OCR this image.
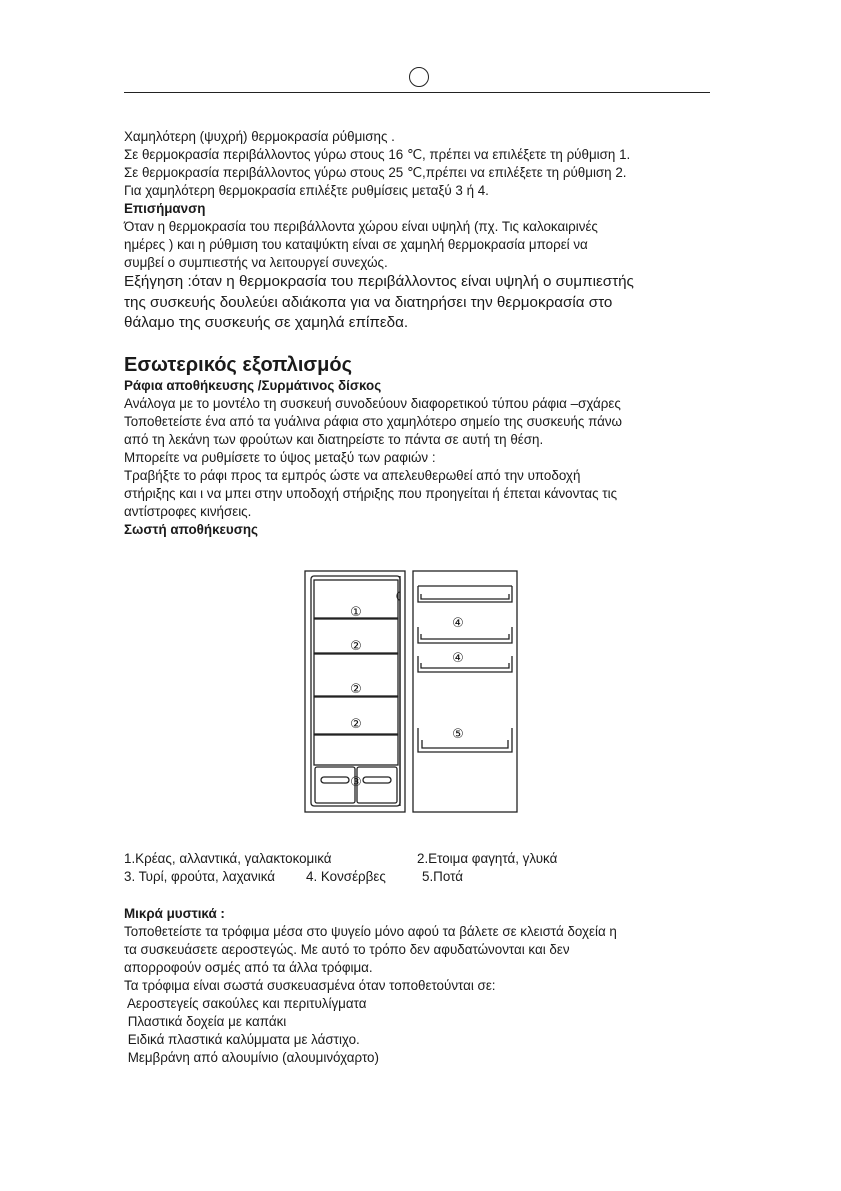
Χαμηλότερη (ψυχρή) θερμοκρασία ρύθμισης .
Σε θερμοκρασία περιβάλλοντος γύρω στους 16 ℃, πρέπει να επιλέξετε τη ρύθμιση 1.
Σε θερμοκρασία περιβάλλοντος γύρω στους 25 ℃,πρέπει να επιλέξετε τη ρύθμιση 2.
Για χαμηλότερη θερμοκρασία επιλέξτε ρυθμίσεις μεταξύ 3 ή 4.
Επισήμανση
Όταν η θερμοκρασία του περιβάλλοντα χώρου είναι υψηλή (πχ. Τις καλοκαιρινές
ημέρες ) και η ρύθμιση του καταψύκτη είναι σε χαμηλή θερμοκρασία μπορεί να
συμβεί ο συμπιεστής να λειτουργεί συνεχώς.
Εξήγηση :όταν η θερμοκρασία του περιβάλλοντος είναι υψηλή ο συμπιεστής
της συσκευής δουλεύει αδιάκοπα για να διατηρήσει την θερμοκρασία στο
θάλαμο της συσκευής σε χαμηλά επίπεδα.
Εσωτερικός εξοπλισμός
Ράφια αποθήκευσης /Συρμάτινος δίσκος
Ανάλογα με το μοντέλο τη συσκευή συνοδεύουν διαφορετικού τύπου ράφια –σχάρες
Τοποθετείστε ένα από τα γυάλινα ράφια στο χαμηλότερο σημείο της συσκευής πάνω
από τη λεκάνη των φρούτων και διατηρείστε το πάντα σε αυτή τη θέση.
Μπορείτε να ρυθμίσετε το ύψος μεταξύ των ραφιών :
Τραβήξτε το ράφι προς τα εμπρός ώστε να απελευθερωθεί από την υποδοχή
στήριξης και ι να μπει στην υποδοχή στήριξης που προηγείται ή έπεται κάνοντας τις
αντίστροφες κινήσεις.
Σωστή αποθήκευσης
①
②
②
②
③
④
④
⑤
1.Κρέας, αλλαντικά, γαλακτοκομικά	2.Ετοιμα φαγητά, γλυκά
3. Τυρί, φρούτα, λαχανικά 4. Κονσέρβες	5.Ποτά
Μικρά μυστικά :
Τοποθετείστε τα τρόφιμα μέσα στο ψυγείο μόνο αφού τα βάλετε σε κλειστά δοχεία η
τα συσκευάσετε αεροστεγώς. Με αυτό το τρόπο δεν αφυδατώνονται και δεν
απορροφούν οσμές από τα άλλα τρόφιμα.
Τα τρόφιμα είναι σωστά συσκευασμένα όταν τοποθετούνται σε:
Αεροστεγείς σακούλες και περιτυλίγματα
Πλαστικά δοχεία με καπάκι
Ειδικά πλαστικά καλύμματα με λάστιχο.
Μεμβράνη από αλουμίνιο (αλουμινόχαρτο)
